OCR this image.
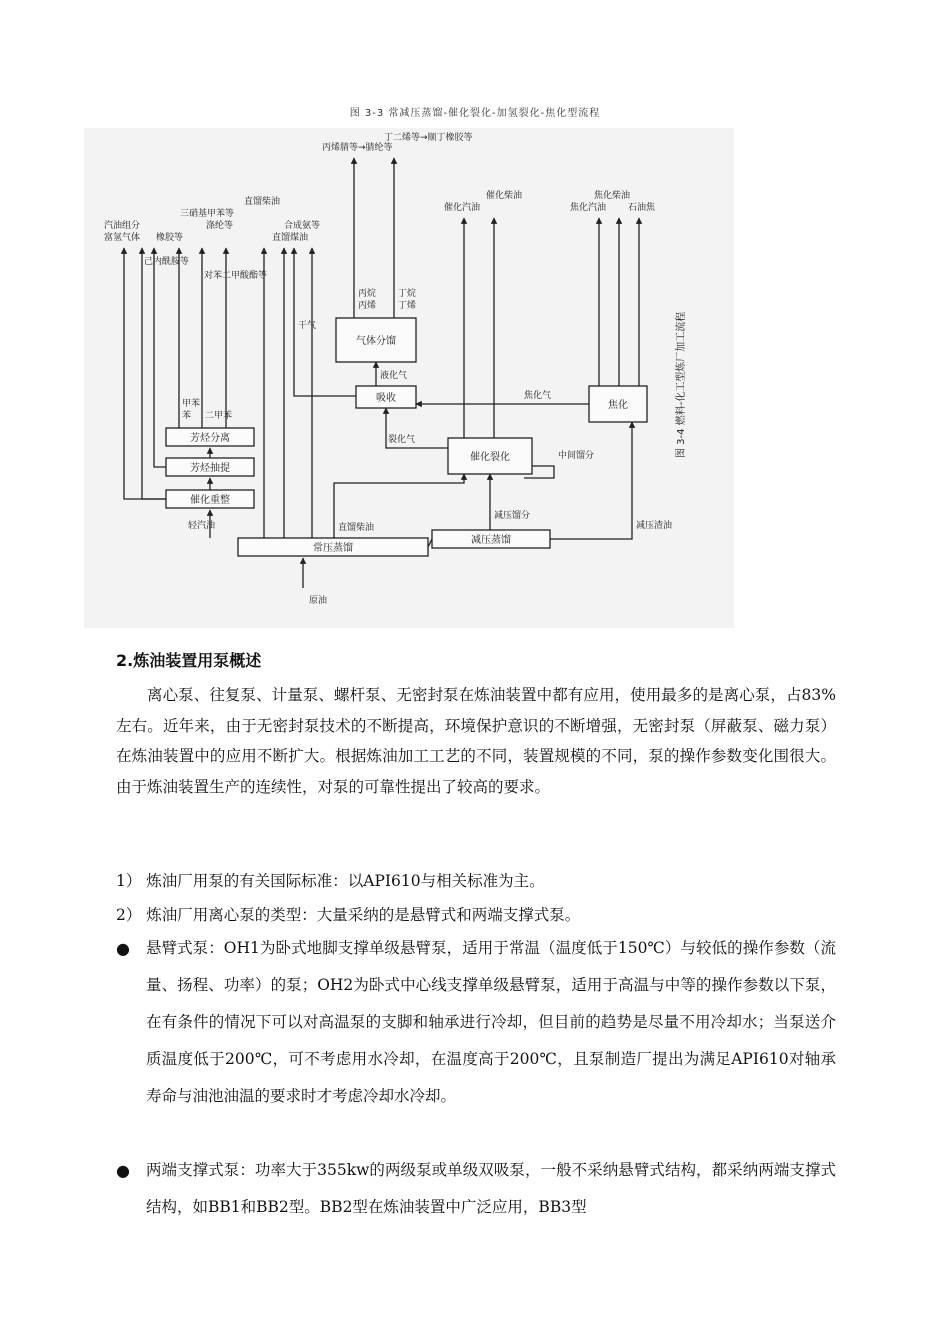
图 3-3 常减压蒸馏-催化裂化-加氢裂化-焦化型流程
常压蒸馏
减压蒸馏
催化重整
芳烃抽提
芳烃分离
气体分馏
吸收
催化裂化
焦化
原油
轻汽油	直馏柴油
减压馏分
减压渣油
中间馏分
裂化气
液化气
干气
焦化气
苯
甲苯
二甲苯
丙烯
丙烷
丁烯
丁烷
富氢气体
汽油组分
橡胶等
三硝基甲苯等
涤纶等
己内酰胺等
对苯二甲酸酯等
直馏柴油
直馏煤油
合成氨等
丙烯腈等→腈纶等
丁二烯等→顺丁橡胶等
催化汽油
催化柴油
焦化汽油
焦化柴油
石油焦
图 3-4 燃料-化工型炼厂加工流程
2.炼油装置用泵概述

离心泵、往复泵、计量泵、螺杆泵、无密封泵在炼油装置中都有应用，使用最多的是离心泵，占83%左右。近年来，由于无密封泵技术的不断提高，环境保护意识的不断增强，无密封泵（屏蔽泵、磁力泵）在炼油装置中的应用不断扩大。根据炼油加工工艺的不同，装置规模的不同，泵的操作参数变化围很大。由于炼油装置生产的连续性，对泵的可靠性提出了较高的要求。

1） 炼油厂用泵的有关国际标准：以API610与相关标准为主。

2） 炼油厂用离心泵的类型：大量采纳的是悬臂式和两端支撑式泵。

● 悬臂式泵：OH1为卧式地脚支撑单级悬臂泵，适用于常温（温度低于150℃）与较低的操作参数（流量、扬程、功率）的泵；OH2为卧式中心线支撑单级悬臂泵，适用于高温与中等的操作参数以下泵，在有条件的情况下可以对高温泵的支脚和轴承进行冷却，但目前的趋势是尽量不用冷却水；当泵送介质温度低于200℃，可不考虑用水冷却，在温度高于200℃，且泵制造厂提出为满足API610对轴承寿命与油池油温的要求时才考虑冷却水冷却。
● 两端支撑式泵：功率大于355kw的两级泵或单级双吸泵，一般不采纳悬臂式结构，都采纳两端支撑式结构，如BB1和BB2型。BB2型在炼油装置中广泛应用，BB3型
